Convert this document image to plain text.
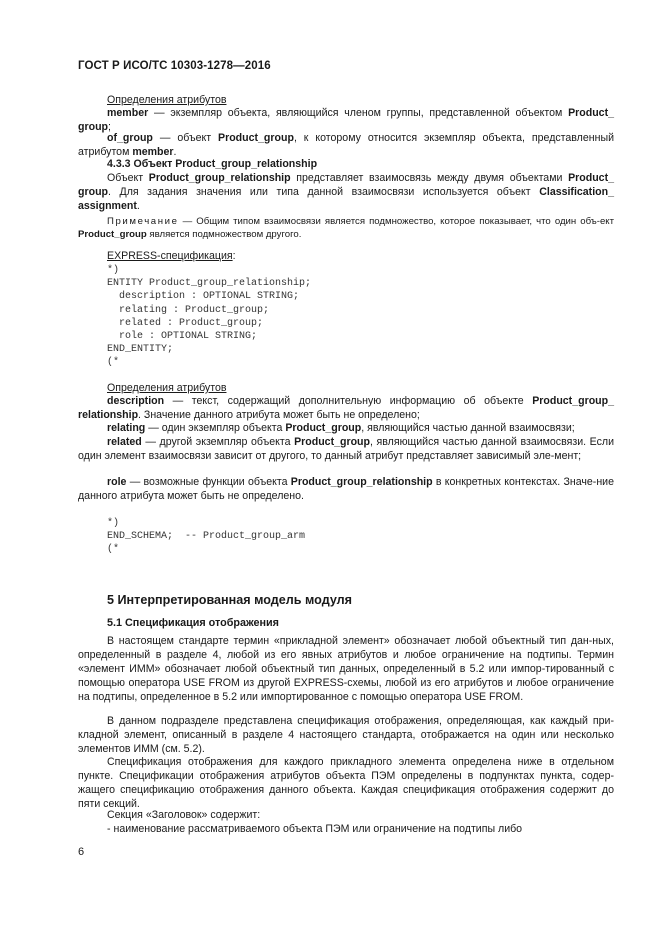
ГОСТ Р ИСО/ТС 10303-1278—2016

Определения атрибутов

member — экземпляр объекта, являющийся членом группы, представленной объектом Product_ group;

of_group — объект Product_group, к которому относится экземпляр объекта, представленный атрибутом member.

4.3.3 Объект Product_group_relationship

Объект Product_group_relationship представляет взаимосвязь между двумя объектами Product_ group. Для задания значения или типа данной взаимосвязи используется объект Classification_ assignment.

Примечание — Общим типом взаимосвязи является подмножество, которое показывает, что один объ-ект Product_group является подмножеством другого.

EXPRESS-спецификация:

*)
ENTITY Product_group_relationship;
description : OPTIONAL STRING;
relating : Product_group;
related : Product_group;
role : OPTIONAL STRING;
END_ENTITY;
(*

Определения атрибутов

description — текст, содержащий дополнительную информацию об объекте Product_group_ relationship. Значение данного атрибута может быть не определено;

relating — один экземпляр объекта Product_group, являющийся частью данной взаимосвязи;

related — другой экземпляр объекта Product_group, являющийся частью данной взаимосвязи. Если один элемент взаимосвязи зависит от другого, то данный атрибут представляет зависимый эле-мент;

role — возможные функции объекта Product_group_relationship в конкретных контекстах. Значе-ние данного атрибута может быть не определено.

*)
END_SCHEMA;  -- Product_group_arm
(*
5 Интерпретированная модель модуля
5.1 Спецификация отображения

В настоящем стандарте термин «прикладной элемент» обозначает любой объектный тип дан-ных, определенный в разделе 4, любой из его явных атрибутов и любое ограничение на подтипы. Термин «элемент ИММ» обозначает любой объектный тип данных, определенный в 5.2 или импор-тированный с помощью оператора USE FROM из другой EXPRESS-схемы, любой из его атрибутов и любое ограничение на подтипы, определенное в 5.2 или импортированное с помощью оператора USE FROM.

В данном подразделе представлена спецификация отображения, определяющая, как каждый при-кладной элемент, описанный в разделе 4 настоящего стандарта, отображается на один или несколько элементов ИММ (см. 5.2).

Спецификация отображения для каждого прикладного элемента определена ниже в отдельном пункте. Спецификации отображения атрибутов объекта ПЭМ определены в подпунктах пункта, содер-жащего спецификацию отображения данного объекта. Каждая спецификация отображения содержит до пяти секций.

Секция «Заголовок» содержит:

- наименование рассматриваемого объекта ПЭМ или ограничение на подтипы либо

6
